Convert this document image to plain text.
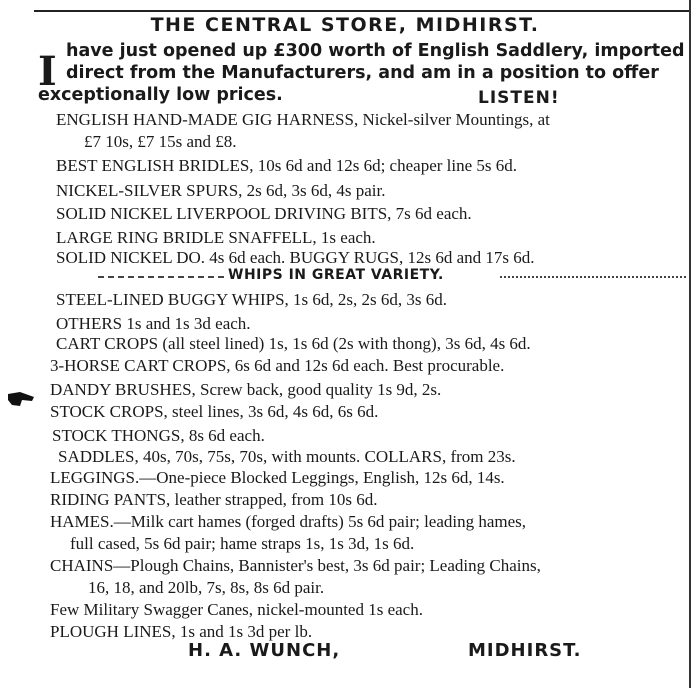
THE CENTRAL STORE, MIDHIRST.
I have just opened up £300 worth of English Saddlery, imported
direct from the Manufacturers, and am in a position to offer
exceptionally low prices.	LISTEN!
ENGLISH HAND-MADE GIG HARNESS, Nickel-silver Mountings, at
£7 10s, £7 15s and £8.
BEST ENGLISH BRIDLES, 10s 6d and 12s 6d; cheaper line 5s 6d.
NICKEL-SILVER SPURS, 2s 6d, 3s 6d, 4s pair.
SOLID NICKEL LIVERPOOL DRIVING BITS, 7s 6d each.
LARGE RING BRIDLE SNAFFELL, 1s each.
SOLID NICKEL DO. 4s 6d each. BUGGY RUGS, 12s 6d and 17s 6d.
WHIPS IN GREAT VARIETY.
STEEL-LINED BUGGY WHIPS, 1s 6d, 2s, 2s 6d, 3s 6d.
OTHERS 1s and 1s 3d each.
CART CROPS (all steel lined) 1s, 1s 6d (2s with thong), 3s 6d, 4s 6d.
3-HORSE CART CROPS, 6s 6d and 12s 6d each. Best procurable.
DANDY BRUSHES, Screw back, good quality 1s 9d, 2s.
STOCK CROPS, steel lines, 3s 6d, 4s 6d, 6s 6d.
STOCK THONGS, 8s 6d each.
SADDLES, 40s, 70s, 75s, 70s, with mounts. COLLARS, from 23s.
LEGGINGS.—One-piece Blocked Leggings, English, 12s 6d, 14s.
RIDING PANTS, leather strapped, from 10s 6d.
HAMES.—Milk cart hames (forged drafts) 5s 6d pair; leading hames,
full cased, 5s 6d pair; hame straps 1s, 1s 3d, 1s 6d.
CHAINS—Plough Chains, Bannister's best, 3s 6d pair; Leading Chains,
16, 18, and 20lb, 7s, 8s, 8s 6d pair.
Few Military Swagger Canes, nickel-mounted 1s each.
PLOUGH LINES, 1s and 1s 3d per lb.
H. A. WUNCH,	MIDHIRST.
